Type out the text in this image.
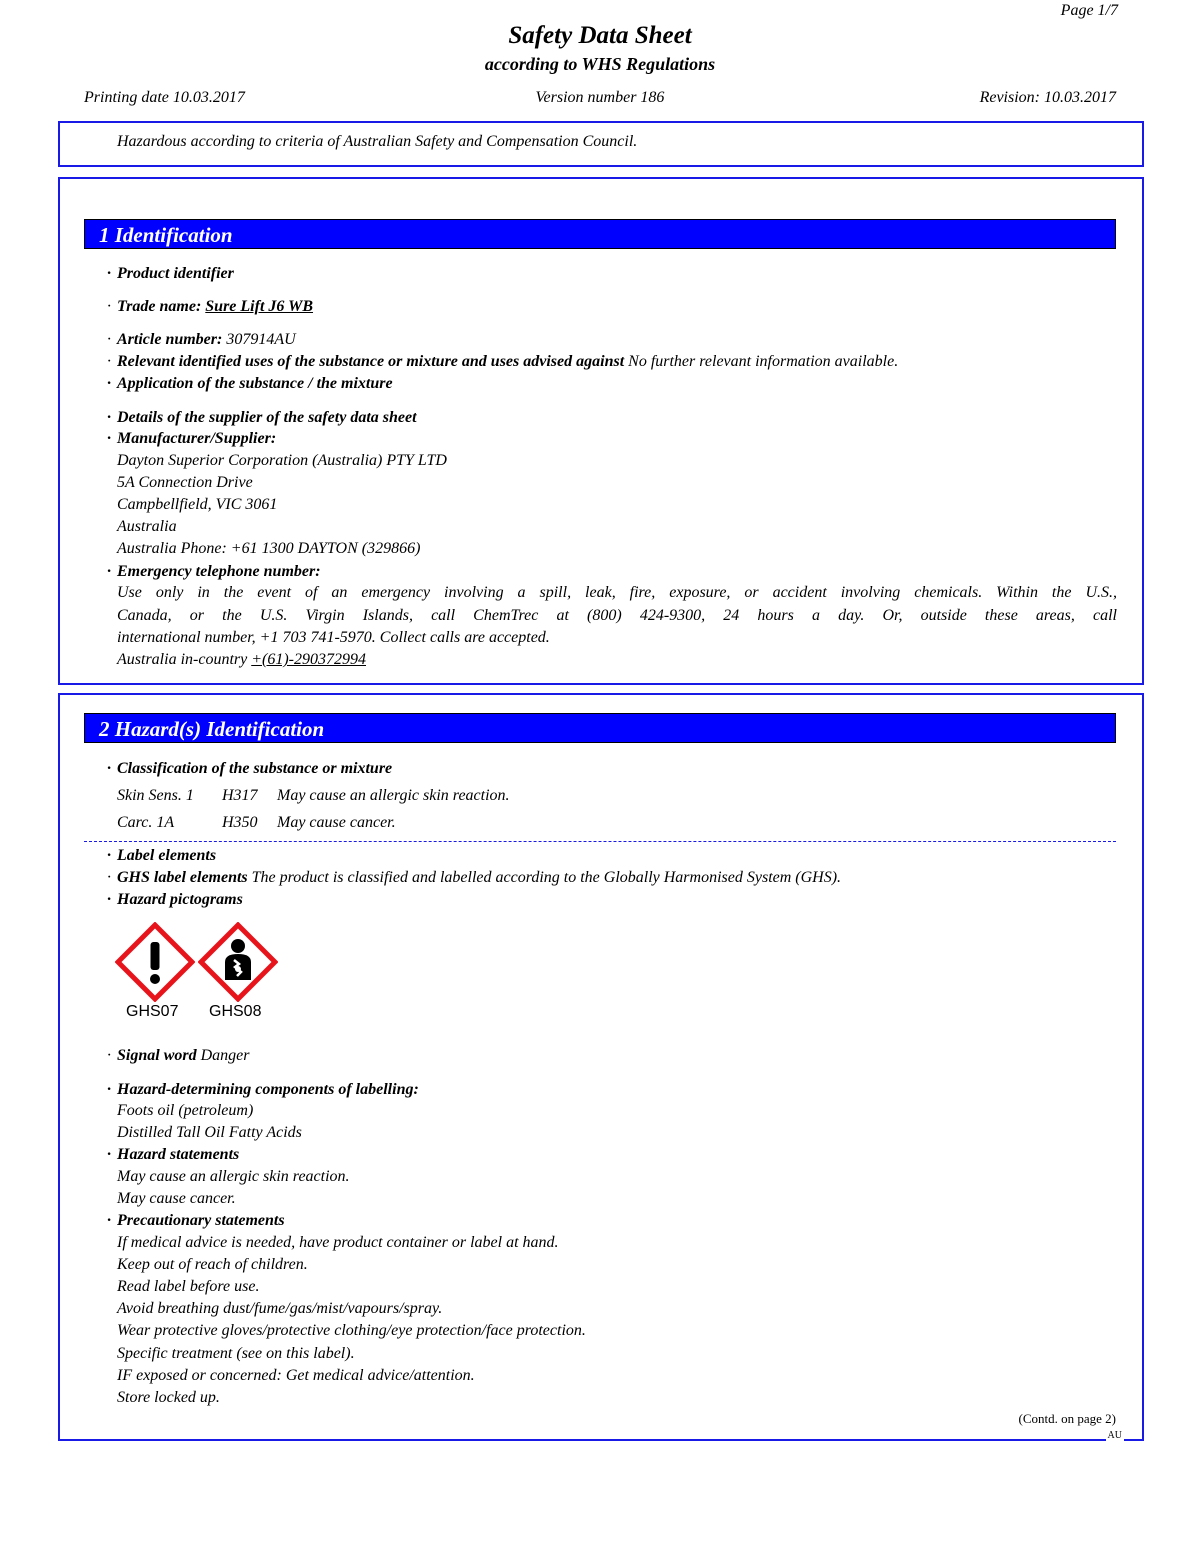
Page 1/7
Safety Data Sheet
according to WHS Regulations
Printing date 10.03.2017	Version number 186	Revision: 10.03.2017
Hazardous according to criteria of Australian Safety and Compensation Council.
1 Identification
· Product identifier
· Trade name: Sure Lift J6 WB
· Article number: 307914AU
· Relevant identified uses of the substance or mixture and uses advised against No further relevant information available.
· Application of the substance / the mixture
· Details of the supplier of the safety data sheet
· Manufacturer/Supplier:
Dayton Superior Corporation (Australia) PTY LTD
5A Connection Drive
Campbellfield, VIC 3061
Australia
Australia Phone: +61 1300 DAYTON (329866)
· Emergency telephone number:
Use only in the event of an emergency involving a spill, leak, fire, exposure, or accident involving chemicals. Within the U.S.,
Canada, or the U.S. Virgin Islands, call ChemTrec at (800) 424-9300, 24 hours a day. Or, outside these areas, call
international number, +1 703 741-5970. Collect calls are accepted.
Australia in-country +(61)-290372994
2 Hazard(s) Identification
· Classification of the substance or mixture
Skin Sens. 1 H317 May cause an allergic skin reaction.
Carc. 1A	H350 May cause cancer.
· Label elements
· GHS label elements The product is classified and labelled according to the Globally Harmonised System (GHS).
· Hazard pictograms
GHS07 GHS08
· Signal word Danger
· Hazard-determining components of labelling:
Foots oil (petroleum)
Distilled Tall Oil Fatty Acids
· Hazard statements
May cause an allergic skin reaction.
May cause cancer.
· Precautionary statements
If medical advice is needed, have product container or label at hand.
Keep out of reach of children.
Read label before use.
Avoid breathing dust/fume/gas/mist/vapours/spray.
Wear protective gloves/protective clothing/eye protection/face protection.
Specific treatment (see on this label).
IF exposed or concerned: Get medical advice/attention.
Store locked up.
(Contd. on page 2)
AU
